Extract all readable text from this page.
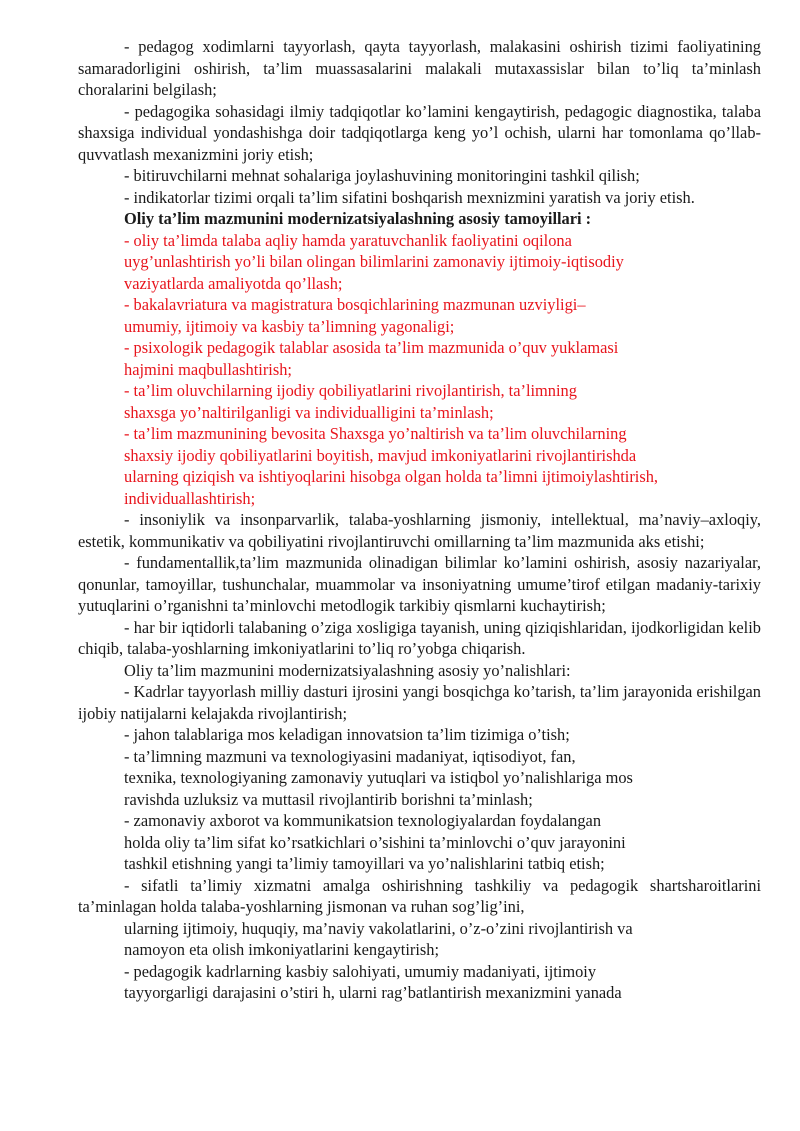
- pedagog xodimlarni tayyorlash, qayta tayyorlash, malakasini oshirish tizimi faoliyatining samaradorligini oshirish, ta’lim muassasalarini malakali mutaxassislar bilan to’liq ta’minlash choralarini belgilash;

- pedagogika sohasidagi ilmiy tadqiqotlar ko’lamini kengaytirish, pedagogic diagnostika, talaba shaxsiga individual yondashishga doir tadqiqotlarga keng yo’l ochish, ularni har tomonlama qo’llab-quvvatlash mexanizmini joriy etish;

- bitiruvchilarni mehnat sohalariga joylashuvining monitoringini tashkil qilish;

- indikatorlar tizimi orqali ta’lim sifatini boshqarish mexnizmini yaratish va joriy etish.

Oliy ta’lim mazmunini modernizatsiyalashning asosiy tamoyillari :

- oliy ta’limda talaba aqliy hamda yaratuvchanlik faoliyatini oqilona

uyg’unlashtirish yo’li bilan olingan bilimlarini zamonaviy ijtimoiy-iqtisodiy

vaziyatlarda amaliyotda qo’llash;

- bakalavriatura va magistratura bosqichlarining mazmunan uzviyligi–

umumiy, ijtimoiy va kasbiy ta’limning yagonaligi;

- psixologik pedagogik talablar asosida ta’lim mazmunida o’quv yuklamasi

hajmini maqbullashtirish;

- ta’lim oluvchilarning ijodiy qobiliyatlarini rivojlantirish, ta’limning

shaxsga yo’naltirilganligi va individualligini ta’minlash;

- ta’lim mazmunining bevosita Shaxsga yo’naltirish va ta’lim oluvchilarning

shaxsiy ijodiy qobiliyatlarini boyitish, mavjud imkoniyatlarini rivojlantirishda

ularning qiziqish va ishtiyoqlarini hisobga olgan holda ta’limni ijtimoiylashtirish,

individuallashtirish;

- insoniylik va insonparvarlik, talaba-yoshlarning jismoniy, intellektual, ma’naviy–axloqiy, estetik, kommunikativ va qobiliyatini rivojlantiruvchi omillarning ta’lim mazmunida aks etishi;

- fundamentallik,ta’lim mazmunida olinadigan bilimlar ko’lamini oshirish, asosiy nazariyalar, qonunlar, tamoyillar, tushunchalar, muammolar va insoniyatning umume’tirof etilgan madaniy-tarixiy yutuqlarini o’rganishni ta’minlovchi metodlogik tarkibiy qismlarni kuchaytirish;

- har bir iqtidorli talabaning o’ziga xosligiga tayanish, uning qiziqishlaridan, ijodkorligidan kelib chiqib, talaba-yoshlarning imkoniyatlarini to’liq ro’yobga chiqarish.

Oliy ta’lim mazmunini modernizatsiyalashning asosiy yo’nalishlari:

- Kadrlar tayyorlash milliy dasturi ijrosini yangi bosqichga ko’tarish, ta’lim jarayonida erishilgan ijobiy natijalarni kelajakda rivojlantirish;

- jahon talablariga mos keladigan innovatsion ta’lim tizimiga o’tish;

- ta’limning mazmuni va texnologiyasini madaniyat, iqtisodiyot, fan,

texnika, texnologiyaning zamonaviy yutuqlari va istiqbol yo’nalishlariga mos

ravishda uzluksiz va muttasil rivojlantirib borishni ta’minlash;

- zamonaviy axborot va kommunikatsion texnologiyalardan foydalangan

holda oliy ta’lim sifat ko’rsatkichlari o’sishini ta’minlovchi o’quv jarayonini

tashkil etishning yangi ta’limiy tamoyillari va yo’nalishlarini tatbiq etish;

- sifatli ta’limiy xizmatni amalga oshirishning tashkiliy va pedagogik shartsharoitlarini ta’minlagan holda talaba-yoshlarning jismonan va ruhan sog’lig’ini,

ularning ijtimoiy, huquqiy, ma’naviy vakolatlarini, o’z-o’zini rivojlantirish va

namoyon eta olish imkoniyatlarini kengaytirish;

- pedagogik kadrlarning kasbiy salohiyati, umumiy madaniyati, ijtimoiy

tayyorgarligi darajasini o’stiri h, ularni rag’batlantirish mexanizmini yanada
